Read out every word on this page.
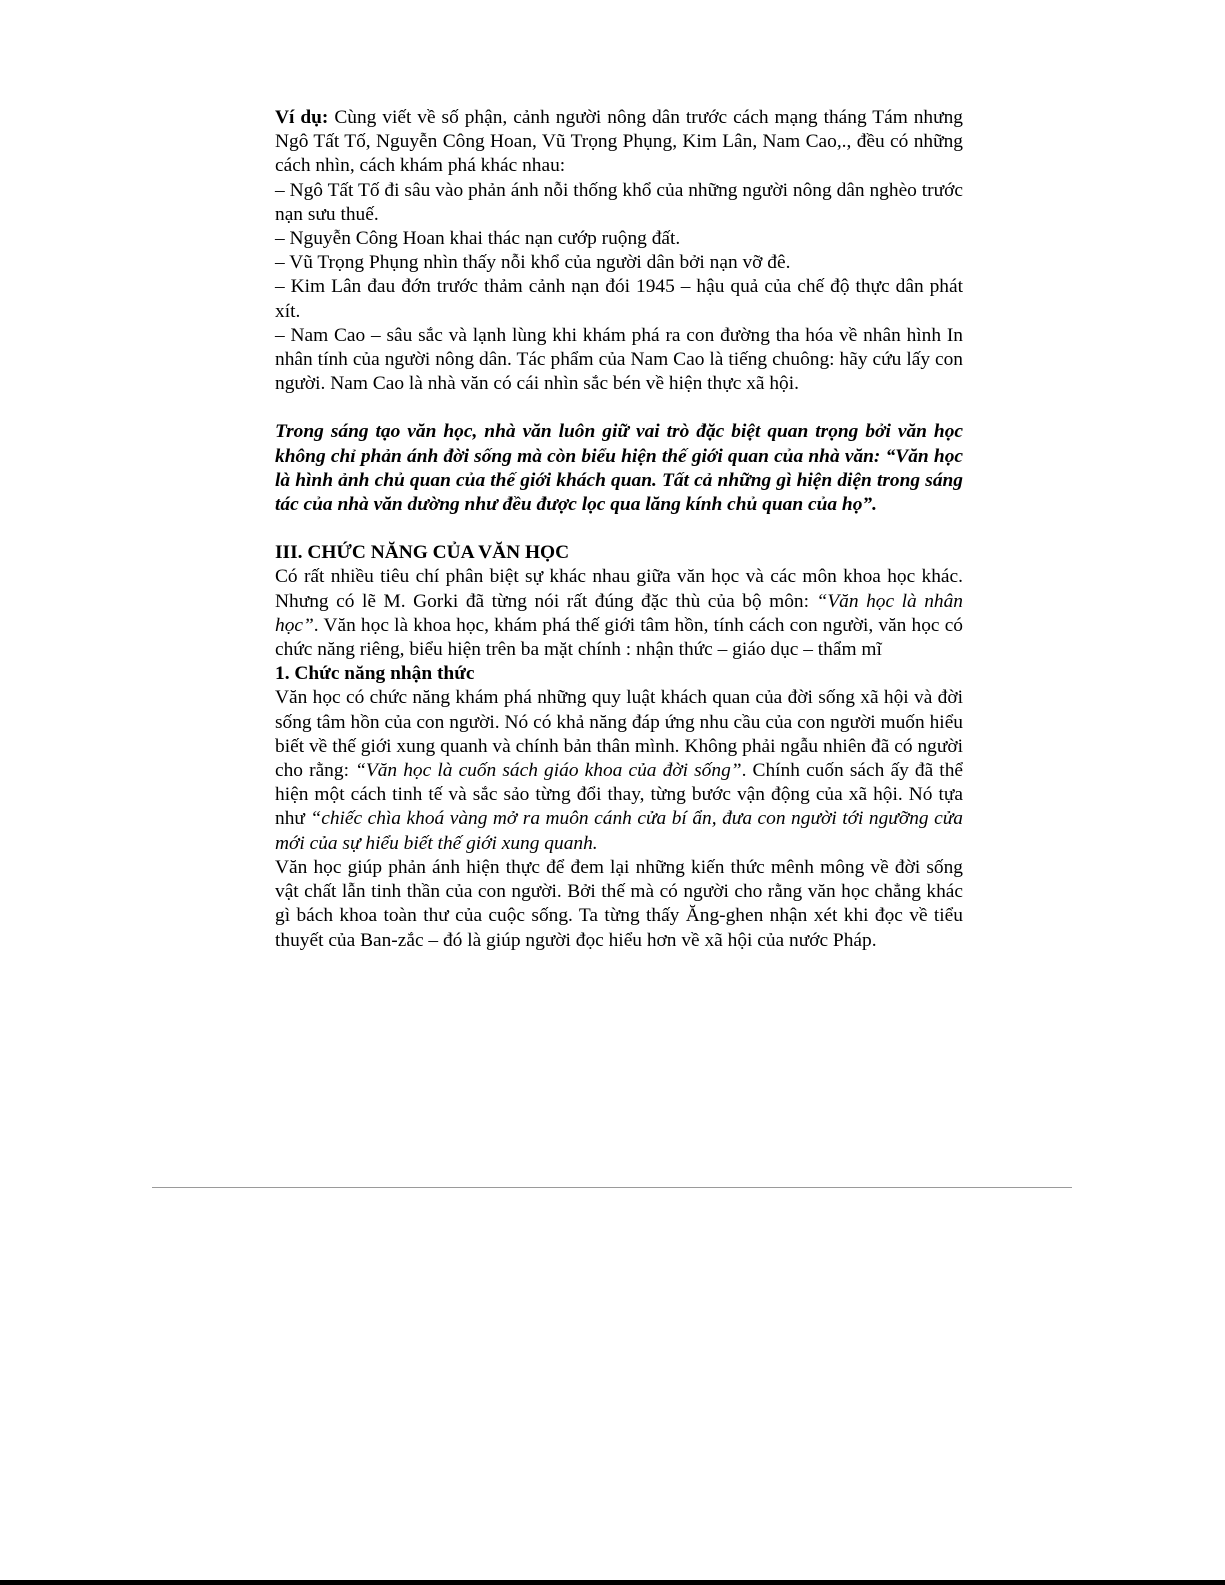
Ví dụ: Cùng viết về số phận, cảnh người nông dân trước cách mạng tháng Tám nhưng Ngô Tất Tố, Nguyễn Công Hoan, Vũ Trọng Phụng, Kim Lân, Nam Cao,., đều có những cách nhìn, cách khám phá khác nhau:

– Ngô Tất Tố đi sâu vào phản ánh nỗi thống khổ của những người nông dân nghèo trước nạn sưu thuế.

– Nguyễn Công Hoan khai thác nạn cướp ruộng đất.

– Vũ Trọng Phụng nhìn thấy nỗi khổ của người dân bởi nạn vỡ đê.

– Kim Lân đau đớn trước thảm cảnh nạn đói 1945 – hậu quả của chế độ thực dân phát xít.

– Nam Cao – sâu sắc và lạnh lùng khi khám phá ra con đường tha hóa về nhân hình In nhân tính của người nông dân. Tác phẩm của Nam Cao là tiếng chuông: hãy cứu lấy con người. Nam Cao là nhà văn có cái nhìn sắc bén về hiện thực xã hội.

Trong sáng tạo văn học, nhà văn luôn giữ vai trò đặc biệt quan trọng bởi văn học không chỉ phản ánh đời sống mà còn biểu hiện thế giới quan của nhà văn: “Văn học là hình ảnh chủ quan của thế giới khách quan. Tất cả những gì hiện diện trong sáng tác của nhà văn dường như đều được lọc qua lăng kính chủ quan của họ”.

III. CHỨC NĂNG CỦA VĂN HỌC

Có rất nhiều tiêu chí phân biệt sự khác nhau giữa văn học và các môn khoa học khác. Nhưng có lẽ M. Gorki đã từng nói rất đúng đặc thù của bộ môn: “Văn học là nhân học”. Văn học là khoa học, khám phá thế giới tâm hồn, tính cách con người, văn học có chức năng riêng, biểu hiện trên ba mặt chính : nhận thức – giáo dục – thẩm mĩ

1. Chức năng nhận thức

Văn học có chức năng khám phá những quy luật khách quan của đời sống xã hội và đời sống tâm hồn của con người. Nó có khả năng đáp ứng nhu cầu của con người muốn hiểu biết về thế giới xung quanh và chính bản thân mình. Không phải ngẫu nhiên đã có người cho rằng: “Văn học là cuốn sách giáo khoa của đời sống”. Chính cuốn sách ấy đã thể hiện một cách tinh tế và sắc sảo từng đổi thay, từng bước vận động của xã hội. Nó tựa như “chiếc chìa khoá vàng mở ra muôn cánh cửa bí ẩn, đưa con người tới ngưỡng cửa mới của sự hiểu biết thế giới xung quanh.

Văn học giúp phản ánh hiện thực để đem lại những kiến thức mênh mông về đời sống vật chất lẫn tinh thần của con người. Bởi thế mà có người cho rằng văn học chẳng khác gì bách khoa toàn thư của cuộc sống. Ta từng thấy Ăng-ghen nhận xét khi đọc về tiểu thuyết của Ban-zắc – đó là giúp người đọc hiểu hơn về xã hội của nước Pháp.
